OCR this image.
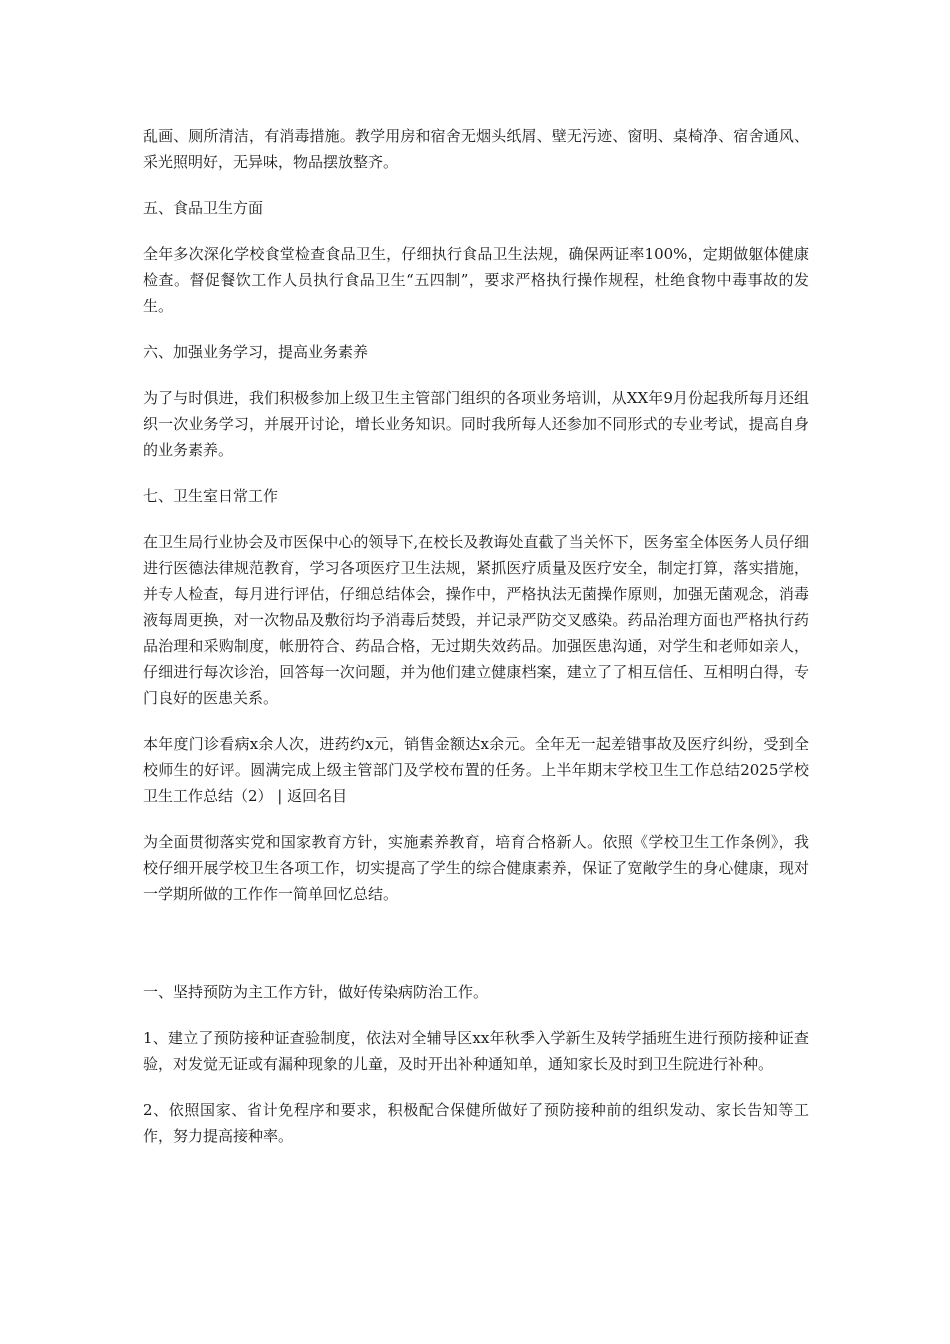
乱画、厕所清洁，有消毒措施。教学用房和宿舍无烟头纸屑、壁无污迹、窗明、桌椅净、宿舍通风、采光照明好，无异味，物品摆放整齐。

五、食品卫生方面

全年多次深化学校食堂检查食品卫生，仔细执行食品卫生法规，确保两证率100%，定期做躯体健康检查。督促餐饮工作人员执行食品卫生“五四制”，要求严格执行操作规程，杜绝食物中毒事故的发生。

六、加强业务学习，提高业务素养

为了与时俱进，我们积极参加上级卫生主管部门组织的各项业务培训，从XX年9月份起我所每月还组织一次业务学习，并展开讨论，增长业务知识。同时我所每人还参加不同形式的专业考试，提高自身的业务素养。

七、卫生室日常工作

在卫生局行业协会及市医保中心的领导下,在校长及教诲处直截了当关怀下，医务室全体医务人员仔细进行医德法律规范教育，学习各项医疗卫生法规，紧抓医疗质量及医疗安全，制定打算，落实措施，并专人检查，每月进行评估，仔细总结体会，操作中，严格执法无菌操作原则，加强无菌观念，消毒液每周更换，对一次物品及敷衍均予消毒后焚毁，并记录严防交叉感染。药品治理方面也严格执行药品治理和采购制度，帐册符合、药品合格，无过期失效药品。加强医患沟通，对学生和老师如亲人，仔细进行每次诊治，回答每一次问题，并为他们建立健康档案，建立了了相互信任、互相明白得，专门良好的医患关系。

本年度门诊看病x余人次，进药约x元，销售金额达x余元。全年无一起差错事故及医疗纠纷，受到全校师生的好评。圆满完成上级主管部门及学校布置的任务。上半年期末学校卫生工作总结2025学校卫生工作总结（2） | 返回名目

为全面贯彻落实党和国家教育方针，实施素养教育，培育合格新人。依照《学校卫生工作条例》，我校仔细开展学校卫生各项工作，切实提高了学生的综合健康素养，保证了宽敞学生的身心健康，现对一学期所做的工作作一简单回忆总结。

一、坚持预防为主工作方针，做好传染病防治工作。

1、建立了预防接种证查验制度，依法对全辅导区xx年秋季入学新生及转学插班生进行预防接种证查验，对发觉无证或有漏种现象的儿童，及时开出补种通知单，通知家长及时到卫生院进行补种。

2、依照国家、省计免程序和要求，积极配合保健所做好了预防接种前的组织发动、家长告知等工作，努力提高接种率。
